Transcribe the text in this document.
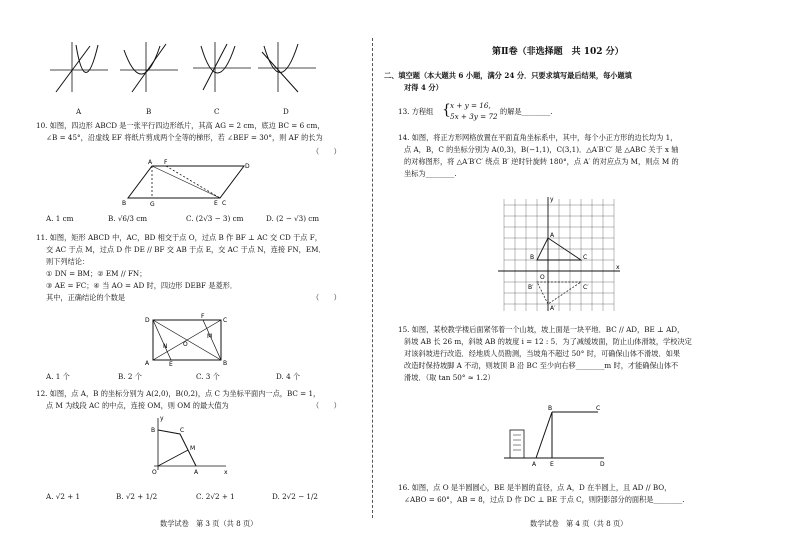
A	B	C	D
10. 如图，四边形 ABCD 是一张平行四边形纸片，其高 AG = 2 cm，底边 BC = 6 cm，
∠B = 45°，沿虚线 EF 将纸片剪成两个全等的梯形，若 ∠BEF = 30°，则 AF 的长为
（　　）
A F
D
B	G	E C
A. 1 cm	B. √6/3 cm	C. (2√3 − 3) cm	D. (2 − √3) cm
11. 如图，矩形 ABCD 中，AC，BD 相交于点 O，过点 B 作 BF ⊥ AC 交 CD 于点 F，
交 AC 于点 M，过点 D 作 DE // BF 交 AB 于点 E，交 AC 于点 N，连接 FN，EM．
则下列结论：
① DN = BM；② EM // FN；
③ AE = FC；④ 当 AO = AD 时，四边形 DEBF 是菱形．
其中，正确结论的个数是	（　　）
D
F
C
N	O
M
A	E	B
A. 1 个	B. 2 个	C. 3 个	D. 4 个
12. 如图，点 A，B 的坐标分别为 A(2,0)，B(0,2)，点 C 为坐标平面内一点，BC = 1，
点 M 为线段 AC 的中点，连接 OM，则 OM 的最大值为	（　　）
y
B	C
M
O	A	x
A. √2 + 1	B. √2 + 1/2	C. 2√2 + 1	D. 2√2 − 1/2
数学试卷　第 3 页（共 8 页）
第Ⅱ卷（非选择题　共 102 分）
二、填空题（本大题共 6 小题，满分 24 分．只要求填写最后结果，每小题填
对得 4 分）
13. 方程组 { x + y = 16,
5x + 3y = 72
的解是________.
14. 如图，将正方形网格放置在平面直角坐标系中，其中，每个小正方形的边长均为 1，
点 A，B，C 的坐标分别为 A(0,3)，B(−1,1)，C(3,1)．△A′B′C′ 是 △ABC 关于 x 轴
的对称图形，将 △A′B′C′ 绕点 B′ 逆时针旋转 180°，点 A′ 的对应点为 M，则点 M 的
坐标为________.
y
A
B	C
O
x
B′	C′
A′
15. 如图，某校教学楼后面紧邻着一个山坡，坡上面是一块平地．BC // AD，BE ⊥ AD，
斜坡 AB 长 26 m，斜坡 AB 的坡度 i = 12 : 5．为了减缓坡面，防止山体滑坡，学校决定
对该斜坡进行改造．经地质人员勘测，当坡角不超过 50° 时，可确保山体不滑坡．如果
改造时保持坡脚 A 不动，则坡顶 B 沿 BC 至少向右移________m 时，才能确保山体不
滑坡．（取 tan 50° ≈ 1.2）
B	C
A E	D
16. 如图，点 O 是半圆圆心，BE 是半圆的直径，点 A，D 在半圆上，且 AD // BO，
∠ABO = 60°，AB = 8，过点 D 作 DC ⊥ BE 于点 C，则阴影部分的面积是________.
数学试卷　第 4 页（共 8 页）
